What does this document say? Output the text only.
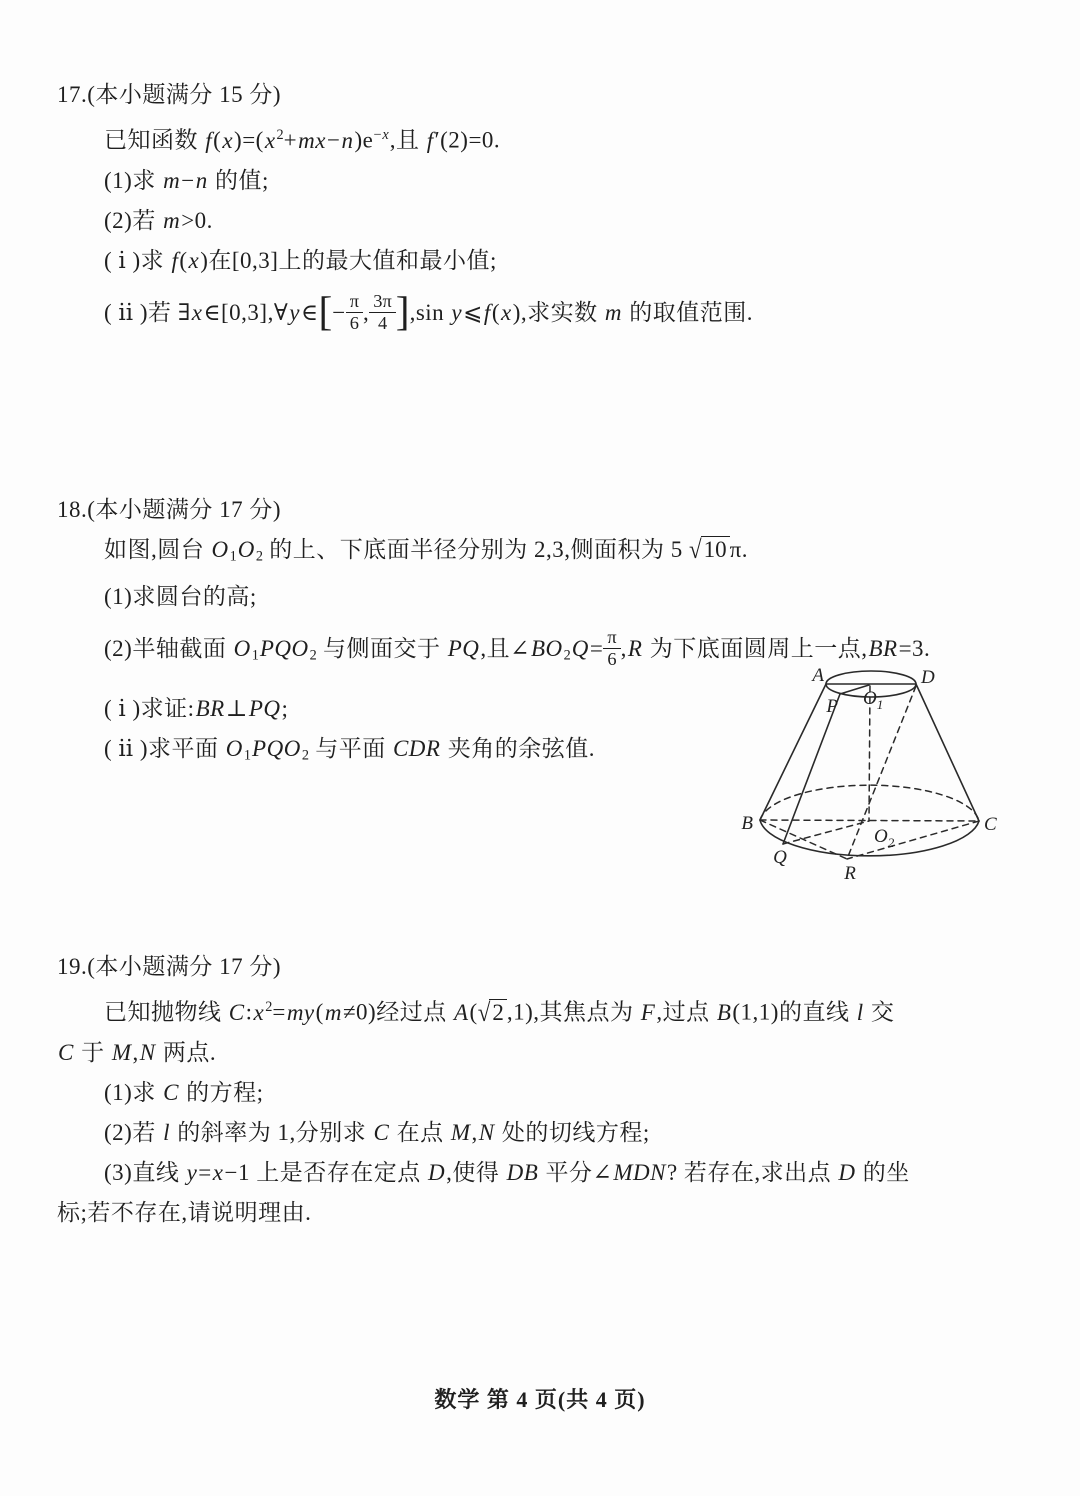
17.(本小题满分 15 分)
已知函数 $f(x)=(x^2+mx-n)e^{-x}$,且 f′(2)=0.
(1)求 m−n 的值;
(2)若 m>0.
( ⅰ )求 f(x)在[0,3]上的最大值和最小值;
( ⅱ )若 ∃x∈[0,3],∀y∈[− $\frac{\pi}{6}$ , $\frac{3\pi}{4} ],\sin$ y⩽f(x),求实数 m 的取值范围.
18.(本小题满分 17 分)
如图,圆台 $O_1O_2$ 的上、下底面半径分别为 2,3,侧面积为 5 √10 π.
(1)求圆台的高;
(2)半轴截面 $O_1PQO_2$ 与侧面交于 PQ,且$\angle BO_2Q= \frac{\pi}{6} ,R$ 为下底面圆周上一点,BR=3.
( ⅰ )求证:BR⊥PQ;
( ⅱ )求平面 $O_1PQO_2$ 与平面 CDR 夹角的余弦值.
A	D
P $O_1$
B	C
$O_2$
Q
R
19.(本小题满分 17 分)
已知抛物线 $C:x^2=my(m\ne 0)$经过点 A(√2 ,1),其焦点为 F,过点 B(1,1)的直线 l 交
C 于 M,N 两点.
(1)求 C 的方程;
(2)若 l 的斜率为 1,分别求 C 在点 M,N 处的切线方程;
(3)直线 y=x−1 上是否存在定点 D,使得 DB 平分∠MDN? 若存在,求出点 D 的坐
标;若不存在,请说明理由.
数学 第 4 页(共 4 页)
